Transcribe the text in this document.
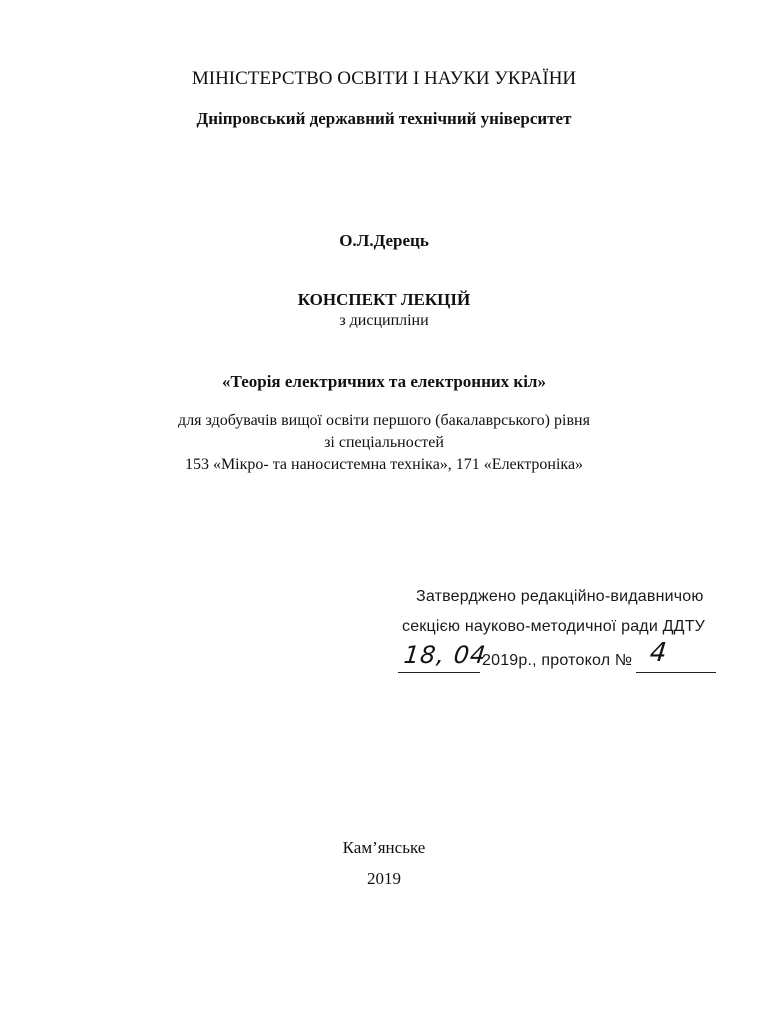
МІНІСТЕРСТВО ОСВІТИ І НАУКИ УКРАЇНИ
Дніпровський державний технічний університет
О.Л.Дерець
КОНСПЕКТ ЛЕКЦІЙ
з дисципліни
«Теорія електричних та електронних кіл»
для здобувачів вищої освіти першого (бакалаврського) рівня
зі спеціальностей
153 «Мікро- та наносистемна техніка», 171 «Електроніка»
Затверджено редакційно-видавничою
секцією науково-методичної ради ДДТУ
18, 04
2019р., протокол № 4
Кам’янське
2019
